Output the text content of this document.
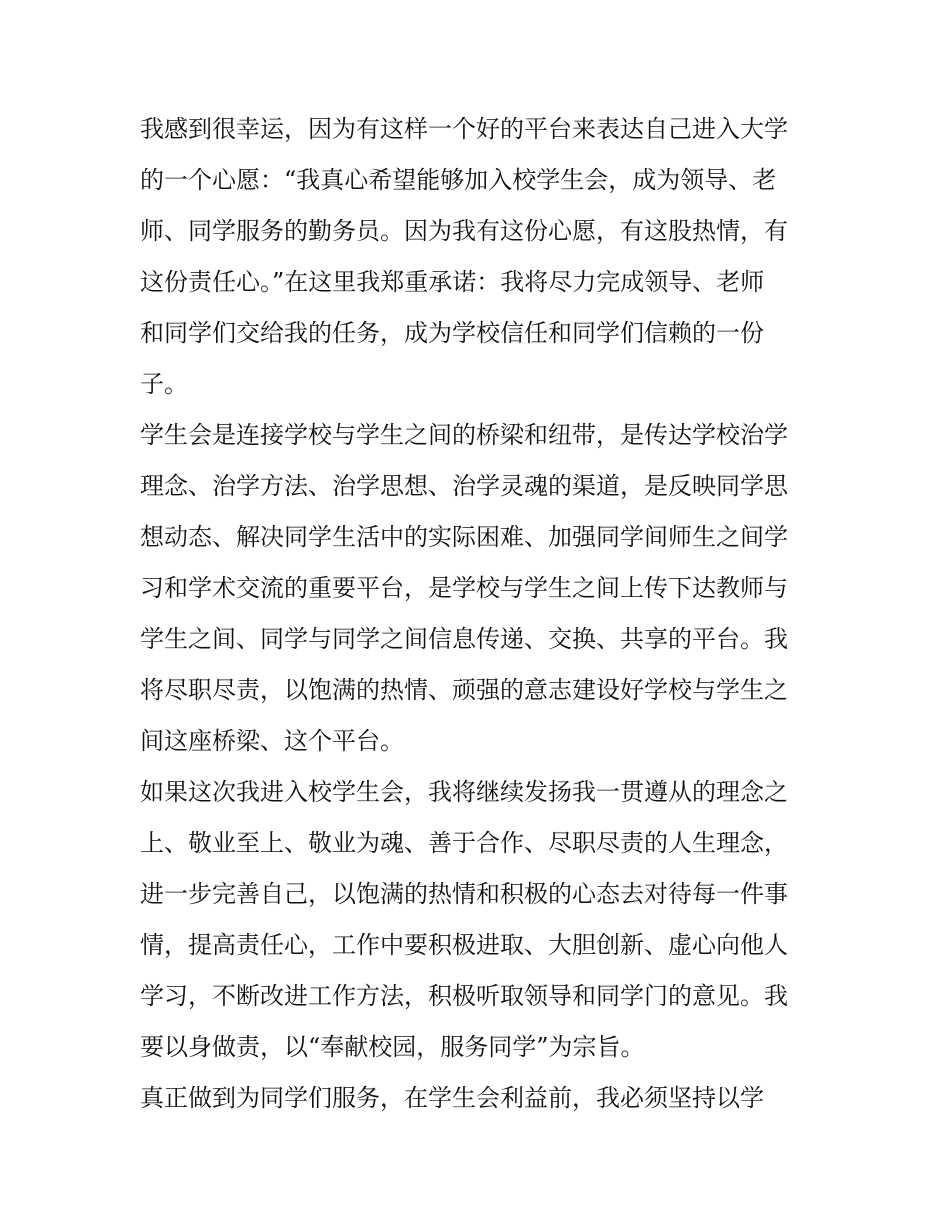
我感到很幸运，因为有这样一个好的平台来表达自己进入大学
的一个心愿：“我真心希望能够加入校学生会，成为领导、老
师、同学服务的勤务员。因为我有这份心愿，有这股热情，有
这份责任心。”在这里我郑重承诺：我将尽力完成领导、老师
和同学们交给我的任务，成为学校信任和同学们信赖的一份
子。

学生会是连接学校与学生之间的桥梁和纽带，是传达学校治学
理念、治学方法、治学思想、治学灵魂的渠道，是反映同学思
想动态、解决同学生活中的实际困难、加强同学间师生之间学
习和学术交流的重要平台，是学校与学生之间上传下达教师与
学生之间、同学与同学之间信息传递、交换、共享的平台。我
将尽职尽责，以饱满的热情、顽强的意志建设好学校与学生之
间这座桥梁、这个平台。

如果这次我进入校学生会，我将继续发扬我一贯遵从的理念之
上、敬业至上、敬业为魂、善于合作、尽职尽责的人生理念，
进一步完善自己，以饱满的热情和积极的心态去对待每一件事
情，提高责任心，工作中要积极进取、大胆创新、虚心向他人
学习，不断改进工作方法，积极听取领导和同学门的意见。我
要以身做责，以“奉献校园，服务同学”为宗旨。

真正做到为同学们服务，在学生会利益前，我必须坚持以学
